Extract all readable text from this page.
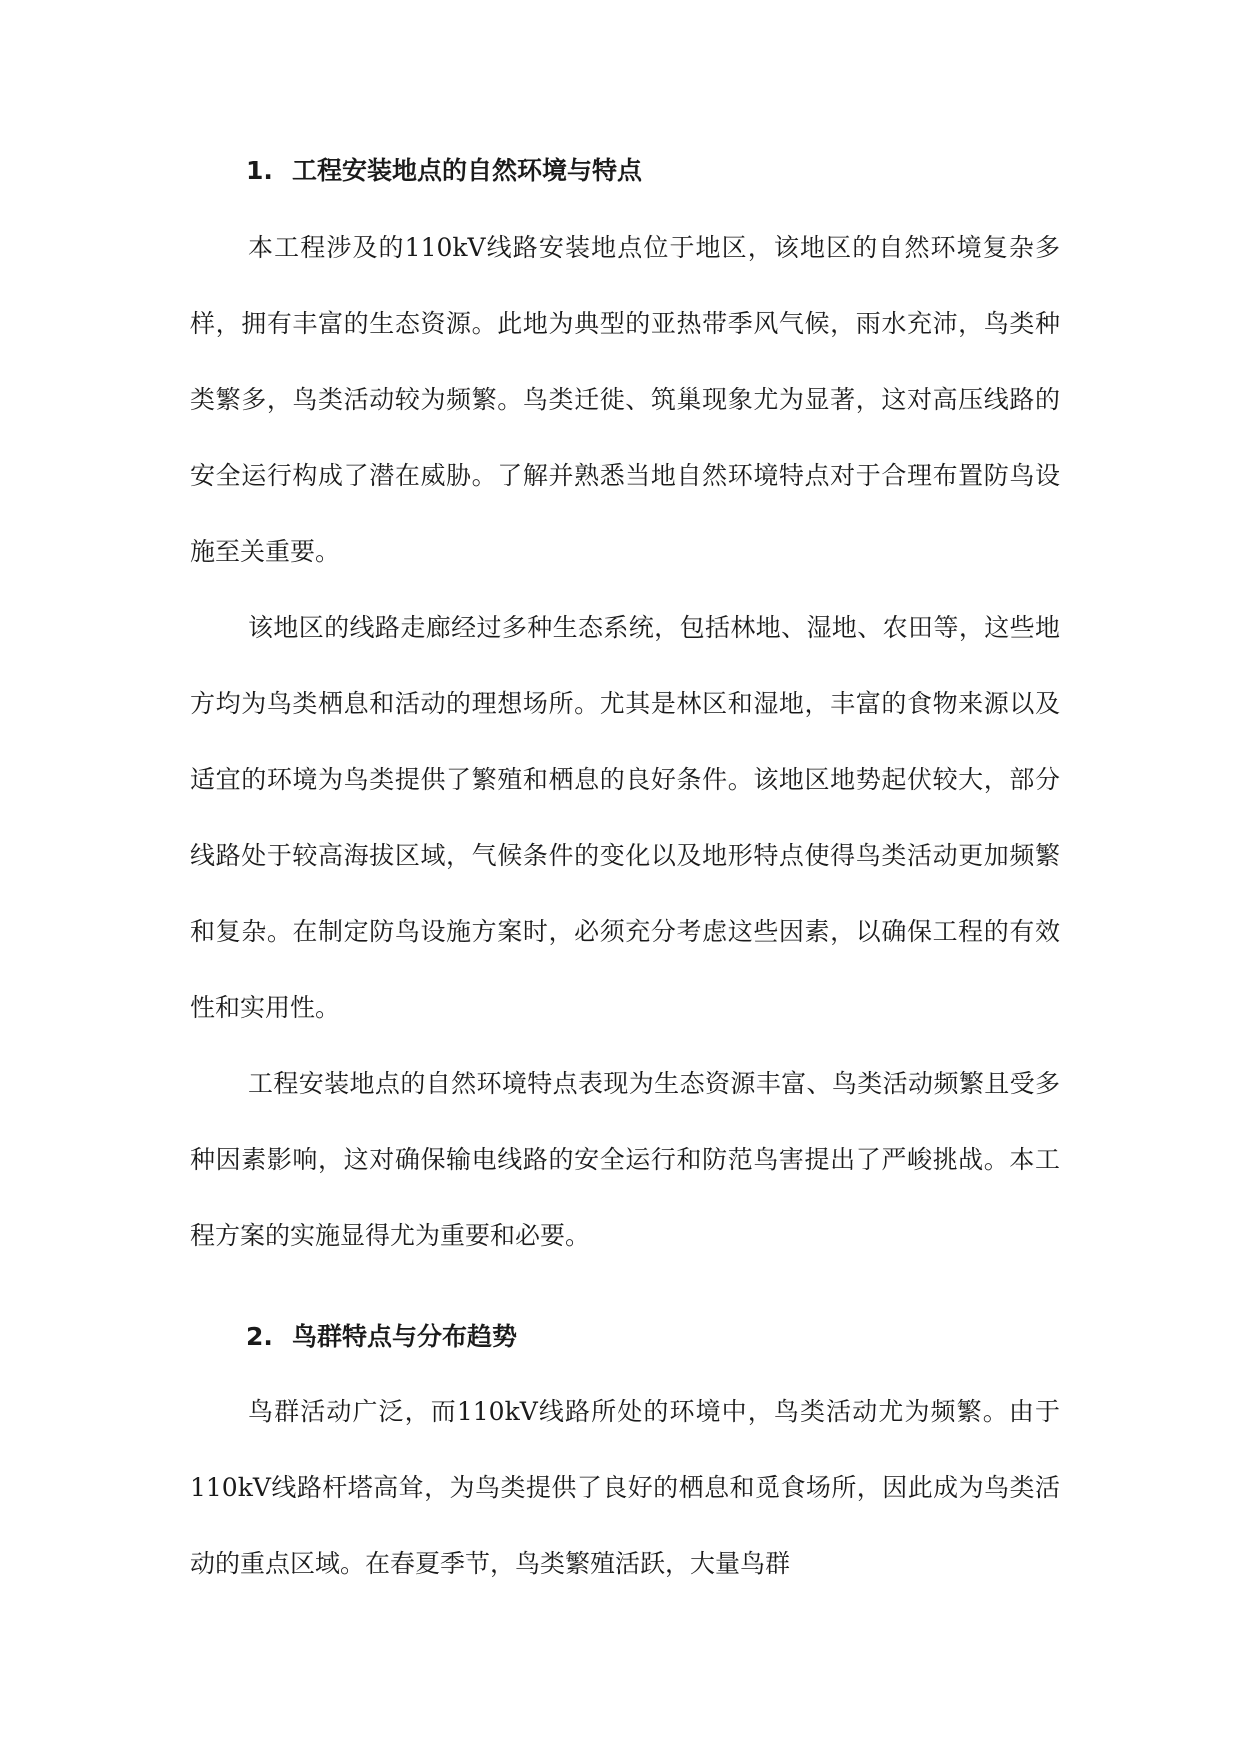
1. 工程安装地点的自然环境与特点

本工程涉及的110kV线路安装地点位于地区，该地区的自然环境复杂多样，拥有丰富的生态资源。此地为典型的亚热带季风气候，雨水充沛，鸟类种类繁多，鸟类活动较为频繁。鸟类迁徙、筑巢现象尤为显著，这对高压线路的安全运行构成了潜在威胁。了解并熟悉当地自然环境特点对于合理布置防鸟设施至关重要。

该地区的线路走廊经过多种生态系统，包括林地、湿地、农田等，这些地方均为鸟类栖息和活动的理想场所。尤其是林区和湿地，丰富的食物来源以及适宜的环境为鸟类提供了繁殖和栖息的良好条件。该地区地势起伏较大，部分线路处于较高海拔区域，气候条件的变化以及地形特点使得鸟类活动更加频繁和复杂。在制定防鸟设施方案时，必须充分考虑这些因素，以确保工程的有效性和实用性。

工程安装地点的自然环境特点表现为生态资源丰富、鸟类活动频繁且受多种因素影响，这对确保输电线路的安全运行和防范鸟害提出了严峻挑战。本工程方案的实施显得尤为重要和必要。

2. 鸟群特点与分布趋势

鸟群活动广泛，而110kV线路所处的环境中，鸟类活动尤为频繁。由于110kV线路杆塔高耸，为鸟类提供了良好的栖息和觅食场所，因此成为鸟类活动的重点区域。在春夏季节，鸟类繁殖活跃，大量鸟群
